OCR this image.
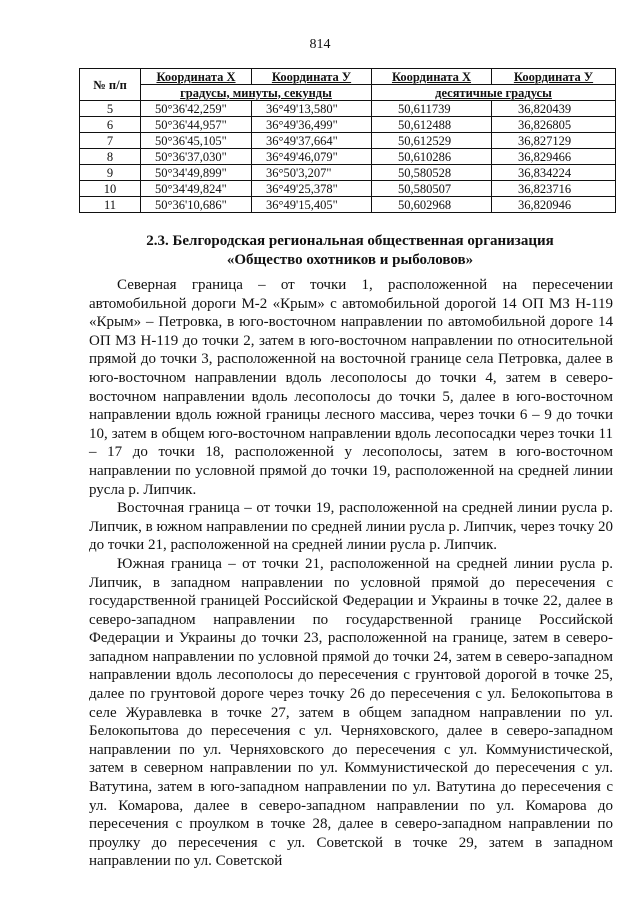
814
№ п/п	Координата X	Координата У	Координата X	Координата У
	градусы, минуты, секунды		десятичные градусы	
5	50°36'42,259"	36°49'13,580"	50,611739	36,820439
6	50°36'44,957"	36°49'36,499"	50,612488	36,826805
7	50°36'45,105"	36°49'37,664"	50,612529	36,827129
8	50°36'37,030"	36°49'46,079"	50,610286	36,829466
9	50°34'49,899"	36°50'3,207"	50,580528	36,834224
10	50°34'49,824"	36°49'25,378"	50,580507	36,823716
11	50°36'10,686"	36°49'15,405"	50,602968	36,820946
2.3. Белгородская региональная общественная организация
«Общество охотников и рыболовов»

Северная граница – от точки 1, расположенной на пересечении автомобильной дороги М-2 «Крым» с автомобильной дорогой 14 ОП МЗ Н-119 «Крым» – Петровка, в юго-восточном направлении по автомобильной дороге 14 ОП МЗ Н-119 до точки 2, затем в юго-восточном направлении по относительной прямой до точки 3, расположенной на восточной границе села Петровка, далее в юго-восточном направлении вдоль лесополосы до точки 4, затем в северо-восточном направлении вдоль лесополосы до точки 5, далее в юго-восточном направлении вдоль южной границы лесного массива, через точки 6 – 9 до точки 10, затем в общем юго-восточном направлении вдоль лесопосадки через точки 11 – 17 до точки 18, расположенной у лесополосы, затем в юго-восточном направлении по условной прямой до точки 19, расположенной на средней линии русла р. Липчик.

Восточная граница – от точки 19, расположенной на средней линии русла р. Липчик, в южном направлении по средней линии русла р. Липчик, через точку 20 до точки 21, расположенной на средней линии русла р. Липчик.

Южная граница – от точки 21, расположенной на средней линии русла р. Липчик, в западном направлении по условной прямой до пересечения с государственной границей Российской Федерации и Украины в точке 22, далее в северо-западном направлении по государственной границе Российской Федерации и Украины до точки 23, расположенной на границе, затем в северо-западном направлении по условной прямой до точки 24, затем в северо-западном направлении вдоль лесополосы до пересечения с грунтовой дорогой в точке 25, далее по грунтовой дороге через точку 26 до пересечения с ул. Белокопытова в селе Журавлевка в точке 27, затем в общем западном направлении по ул. Белокопытова до пересечения с ул. Черняховского, далее в северо-западном направлении по ул. Черняховского до пересечения с ул. Коммунистической, затем в северном направлении по ул. Коммунистической до пересечения с ул. Ватутина, затем в юго-западном направлении по ул. Ватутина до пересечения с ул. Комарова, далее в северо-западном направлении по ул. Комарова до пересечения с проулком в точке 28, далее в северо-западном направлении по проулку до пересечения с ул. Советской в точке 29, затем в западном направлении по ул. Советской
